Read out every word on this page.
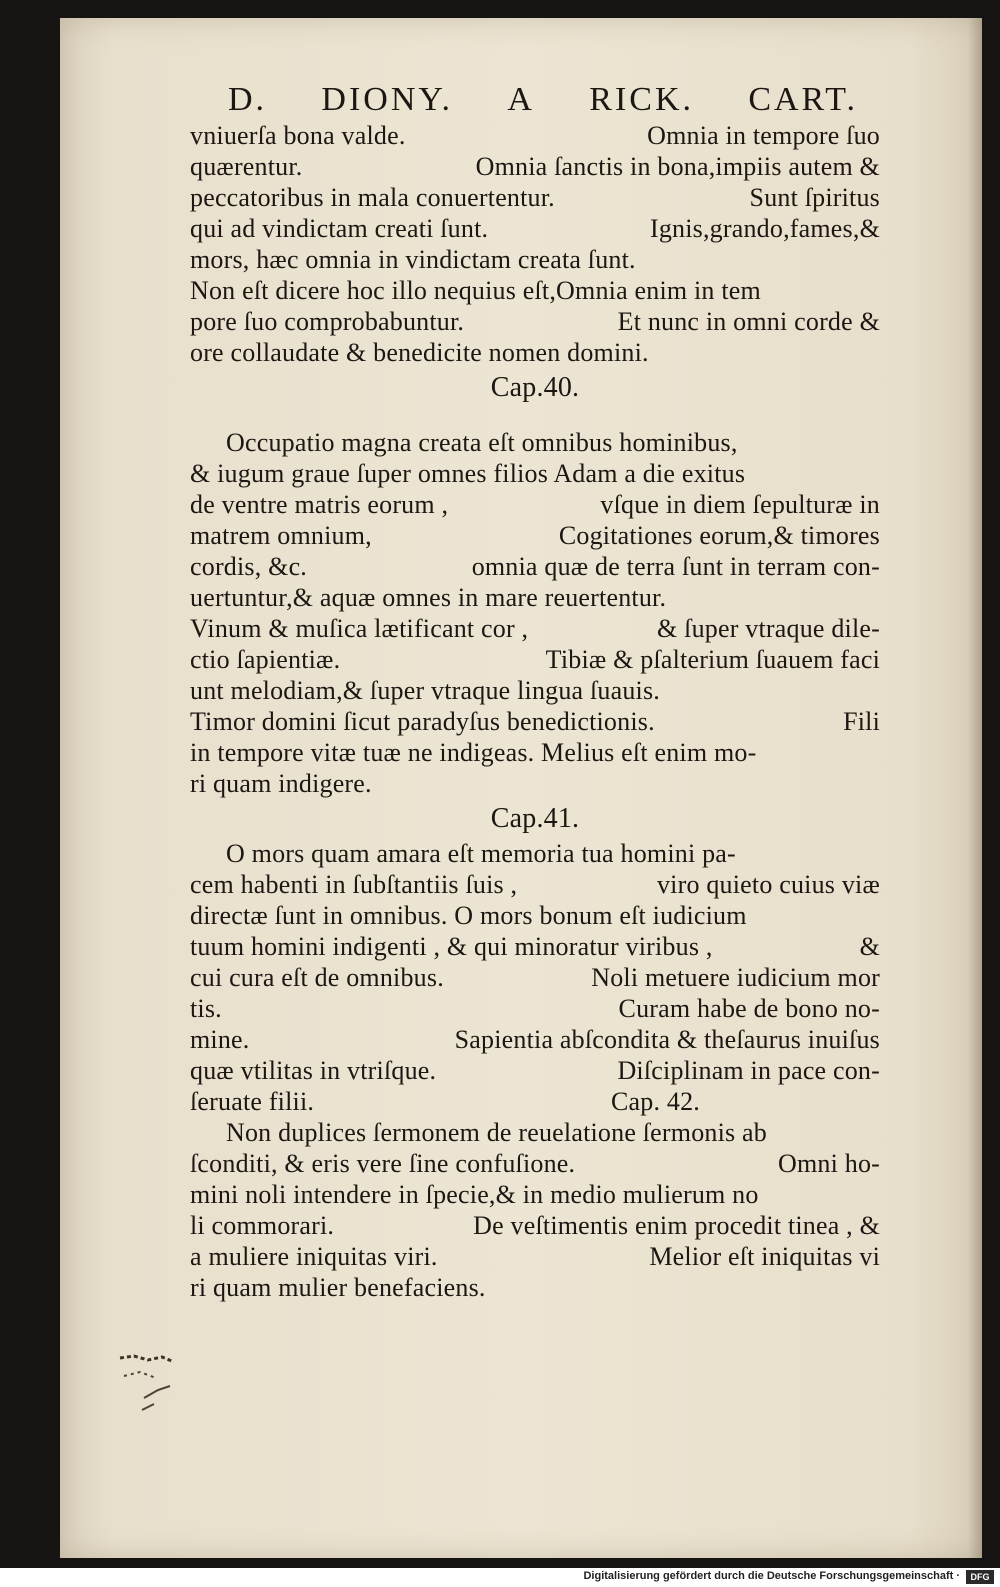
D. DIONY. A RICK. CART.
vniuerſa bona valde.	Omnia in tempore ſuo
quærentur.	Omnia ſanctis in bona,impiis autem &
peccatoribus in mala conuertentur.	Sunt ſpiritus
qui ad vindictam creati ſunt.	Ignis,grando,fames,&
mors, hæc omnia in vindictam creata ſunt.
Non eſt dicere hoc illo nequius eſt,Omnia enim in tem
pore ſuo comprobabuntur.	Et nunc in omni corde &
ore collaudate & benedicite nomen domini.
Cap.40.
Occupatio magna creata eſt omnibus hominibus,
& iugum graue ſuper omnes filios Adam a die exitus
de ventre matris eorum ,	vſque in diem ſepulturæ in
matrem omnium,	Cogitationes eorum,& timores
cordis, &c.	omnia quæ de terra ſunt in terram con-
uertuntur,& aquæ omnes in mare reuertentur.
Vinum & muſica lætificant cor ,	& ſuper vtraque dile-
ctio ſapientiæ.	Tibiæ & pſalterium ſuauem faci
unt melodiam,& ſuper vtraque lingua ſuauis.
Timor domini ſicut paradyſus benedictionis.	Fili
in tempore vitæ tuæ ne indigeas. Melius eſt enim mo-
ri quam indigere.
Cap.41.
O mors quam amara eſt memoria tua homini pa-
cem habenti in ſubſtantiis ſuis ,	viro quieto cuius viæ
directæ ſunt in omnibus. O mors bonum eſt iudicium
tuum homini indigenti , & qui minoratur viribus ,	&
cui cura eſt de omnibus.	Noli metuere iudicium mor
tis.	Curam habe de bono no-
mine.	Sapientia abſcondita & theſaurus inuiſus
quæ vtilitas in vtriſque.	Diſciplinam in pace con-
ſeruate filii.	Cap. 42.
Non duplices ſermonem de reuelatione ſermonis ab
ſconditi, & eris vere ſine confuſione.	Omni ho-
mini noli intendere in ſpecie,& in medio mulierum no
li commorari.	De veſtimentis enim procedit tinea , &
a muliere iniquitas viri.	Melior eſt iniquitas vi
ri quam mulier benefaciens.
Digitalisierung gefördert durch die Deutsche Forschungsgemeinschaft ·	DFG
